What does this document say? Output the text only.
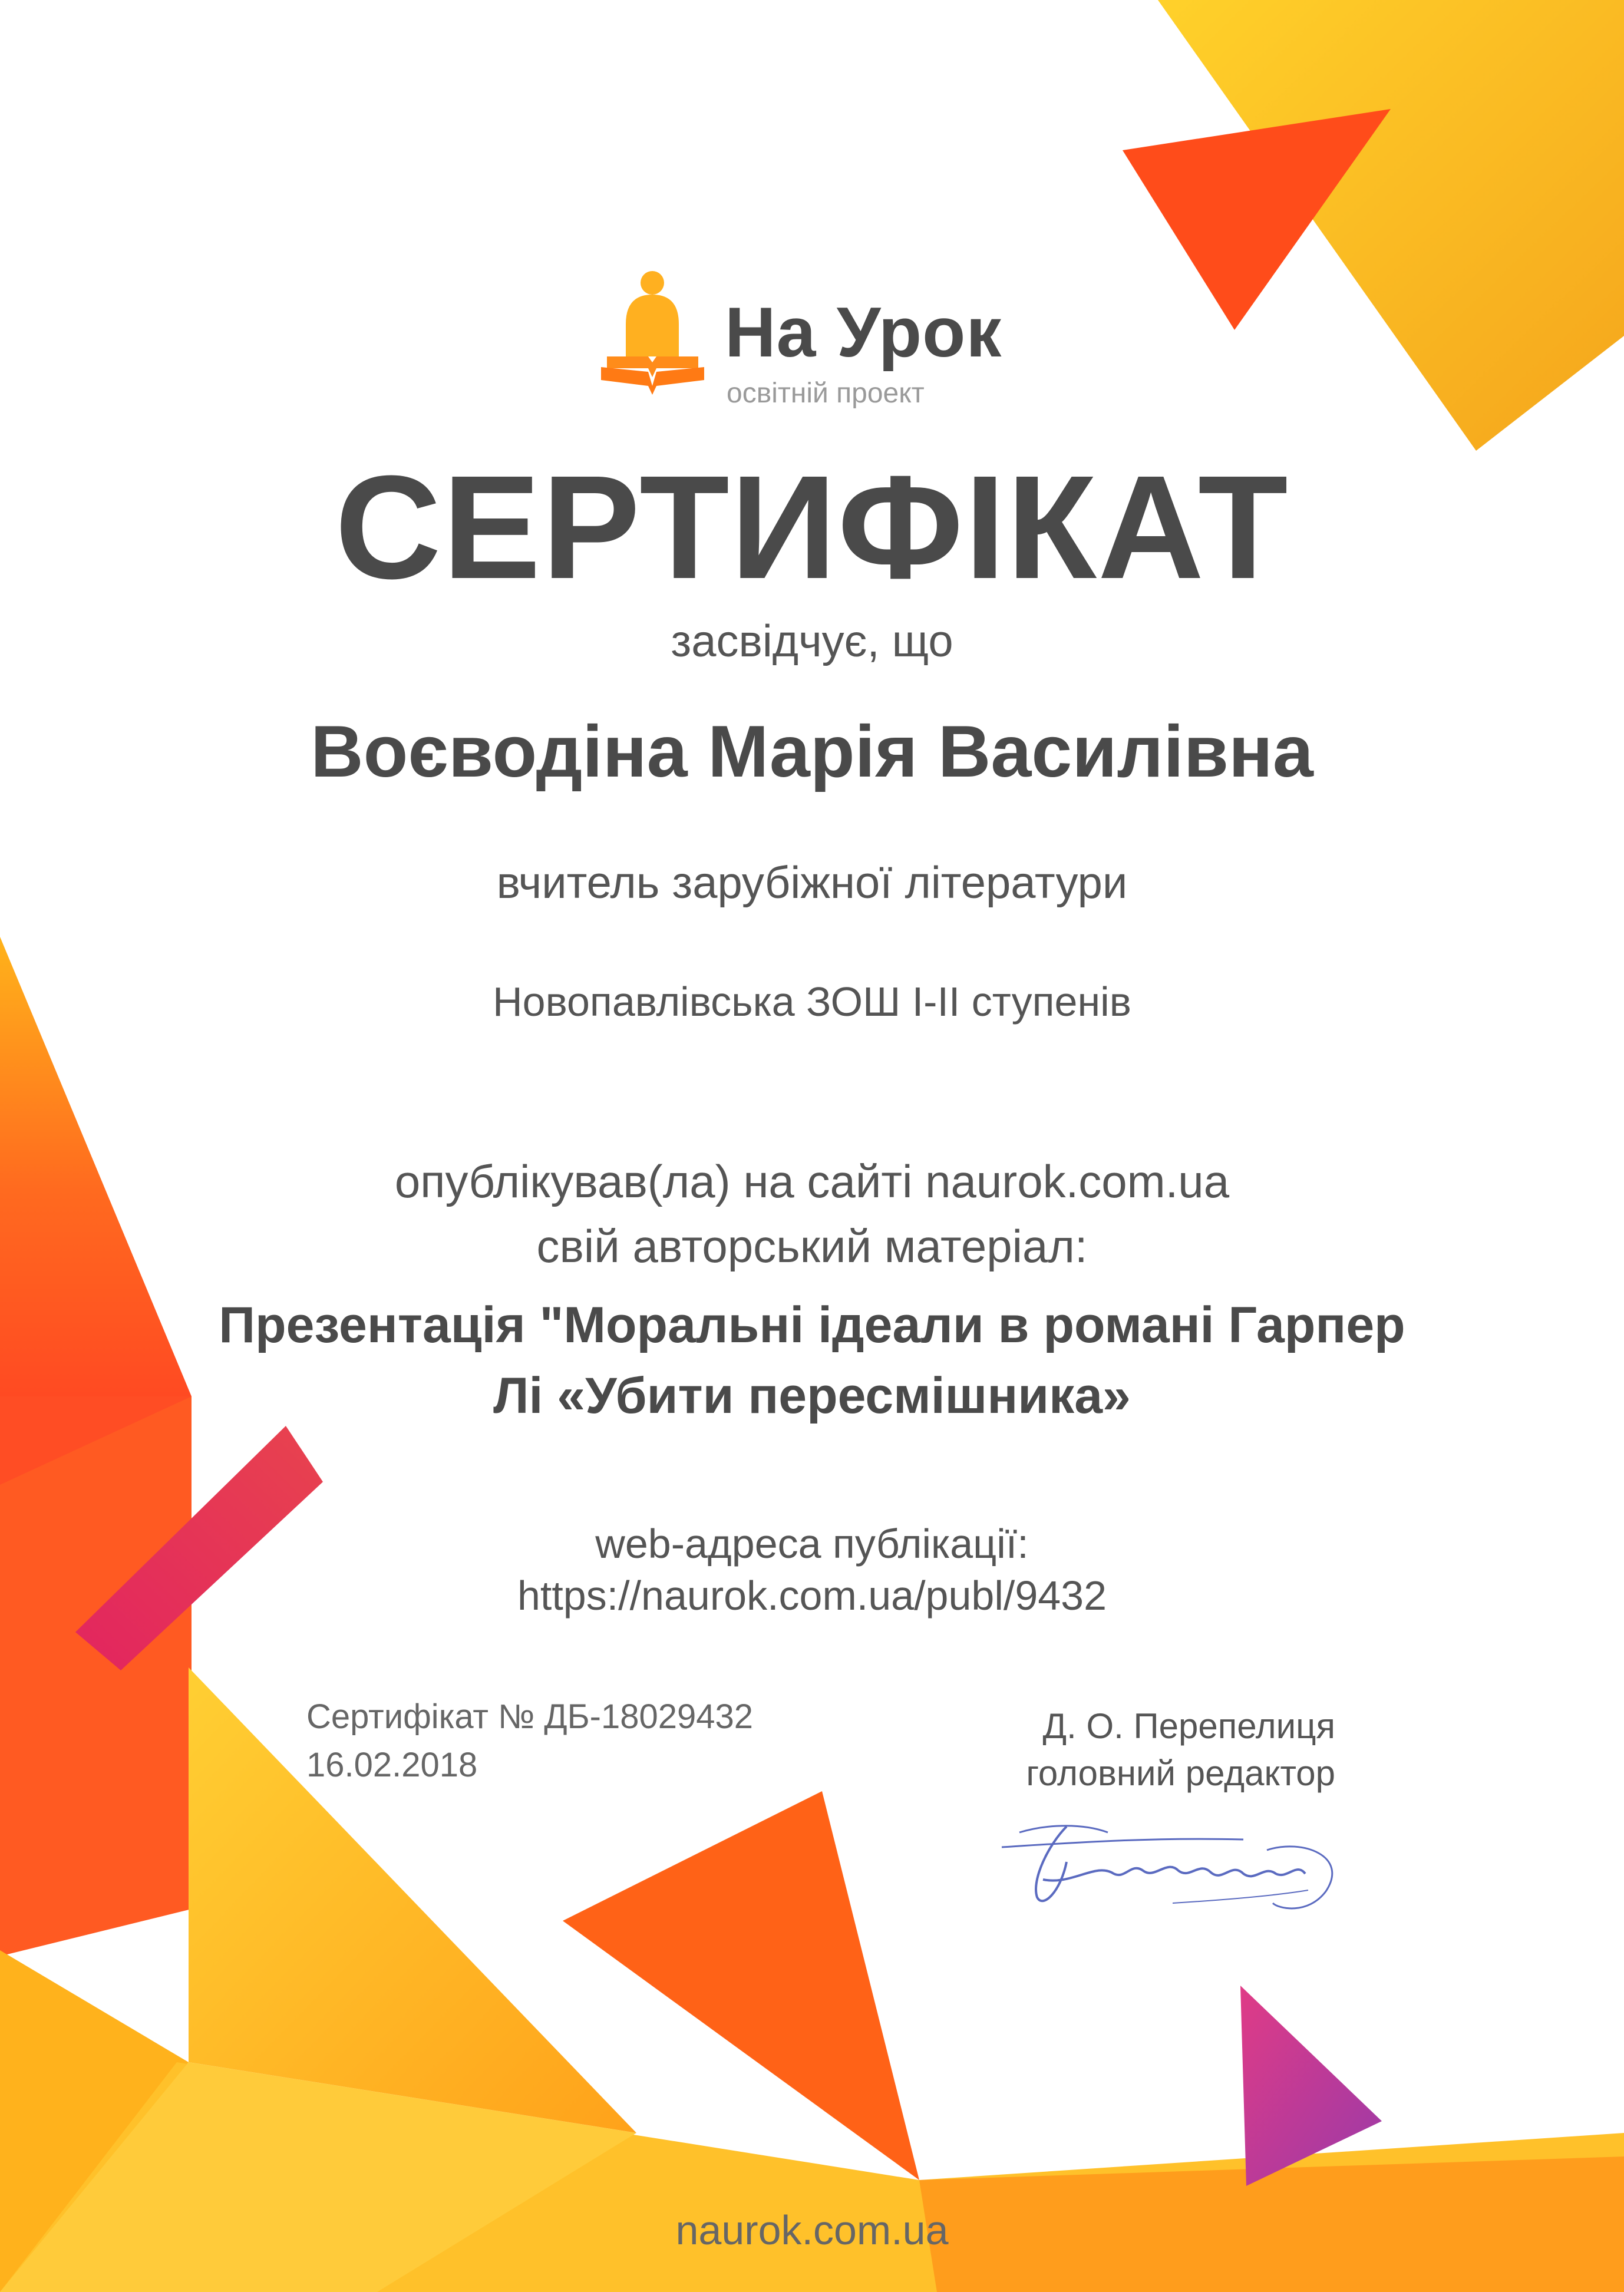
На Урок
освітній проект
СЕРТИФІКАТ
засвідчує, що
Воєводіна Марія Василівна
вчитель зарубіжної літератури
Новопавлівська ЗОШ І-ІІ ступенів
опублікував(ла) на сайті naurok.com.ua
свій авторський матеріал:
Презентація "Моральні ідеали в романі Гарпер
Лі «Убити пересмішника»
web-адреса публікації:
https://naurok.com.ua/publ/9432
Сертифікат № ДБ-18029432
16.02.2018
Д. О. Перепелиця
головний редактор
naurok.com.ua
